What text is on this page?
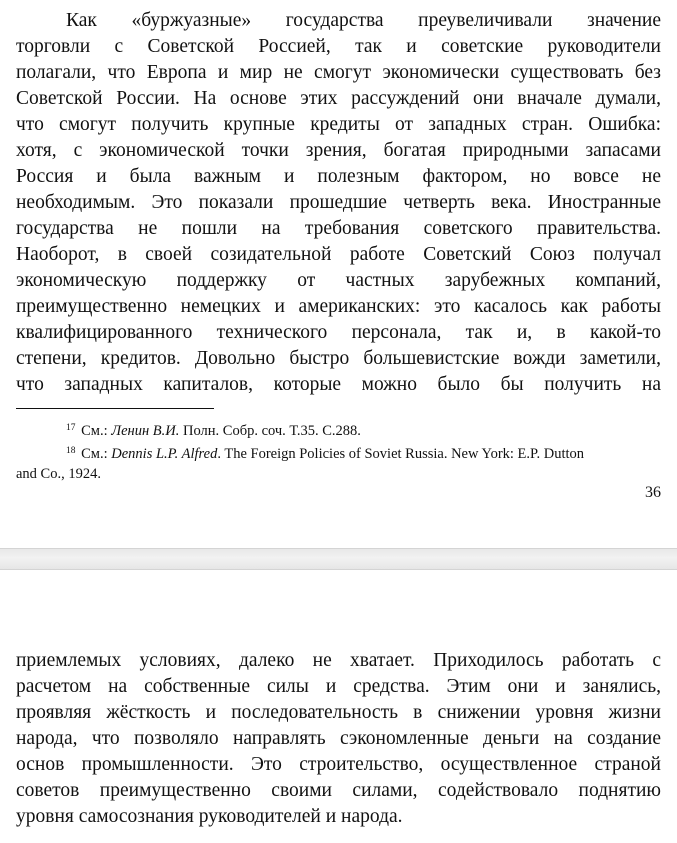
Как «буржуазные» государства преувеличивали значение
торговли с Советской Россией, так и советские руководители
полагали, что Европа и мир не смогут экономически существовать без
Советской России. На основе этих рассуждений они вначале думали,
что смогут получить крупные кредиты от западных стран. Ошибка:
хотя, с экономической точки зрения, богатая природными запасами
Россия и была важным и полезным фактором, но вовсе не
необходимым. Это показали прошедшие четверть века. Иностранные
государства не пошли на требования советского правительства.
Наоборот, в своей созидательной работе Советский Союз получал
экономическую поддержку от частных зарубежных компаний,
преимущественно немецких и американских: это касалось как работы
квалифицированного технического персонала, так и, в какой-то
степени, кредитов. Довольно быстро большевистские вожди заметили,
что западных капиталов, которые можно было бы получить на
$^{17}$ См.: Ленин В.И. Полн. Собр. соч. Т.35. С.288.
$^{18}$ См.: Dennis L.P. Alfred. The Foreign Policies of Soviet Russia. New York: E.P. Dutton
and Co., 1924.
36
приемлемых условиях, далеко не хватает. Приходилось работать с
расчетом на собственные силы и средства. Этим они и занялись,
проявляя жёсткость и последовательность в снижении уровня жизни
народа, что позволяло направлять сэкономленные деньги на создание
основ промышленности. Это строительство, осуществленное страной
советов преимущественно своими силами, содействовало поднятию
уровня самосознания руководителей и народа.
